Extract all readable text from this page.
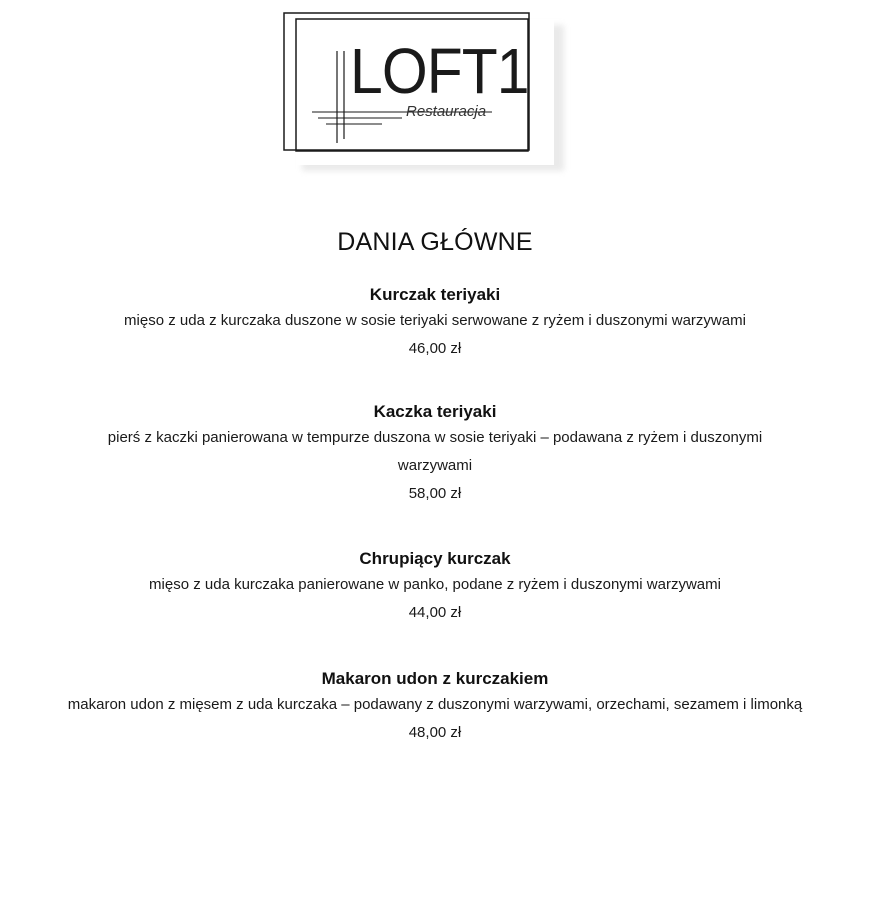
LOFT1
Restauracja
DANIA GŁÓWNE

Kurczak teriyaki

mięso z uda z kurczaka duszone w sosie teriyaki serwowane z ryżem i duszonymi warzywami

46,00 zł

Kaczka teriyaki

pierś z kaczki panierowana w tempurze duszona w sosie teriyaki – podawana z ryżem i duszonymi warzywami

58,00 zł

Chrupiący kurczak

mięso z uda kurczaka panierowane w panko, podane z ryżem i duszonymi warzywami

44,00 zł

Makaron udon z kurczakiem

makaron udon z mięsem z uda kurczaka – podawany z duszonymi warzywami, orzechami, sezamem i limonką

48,00 zł
